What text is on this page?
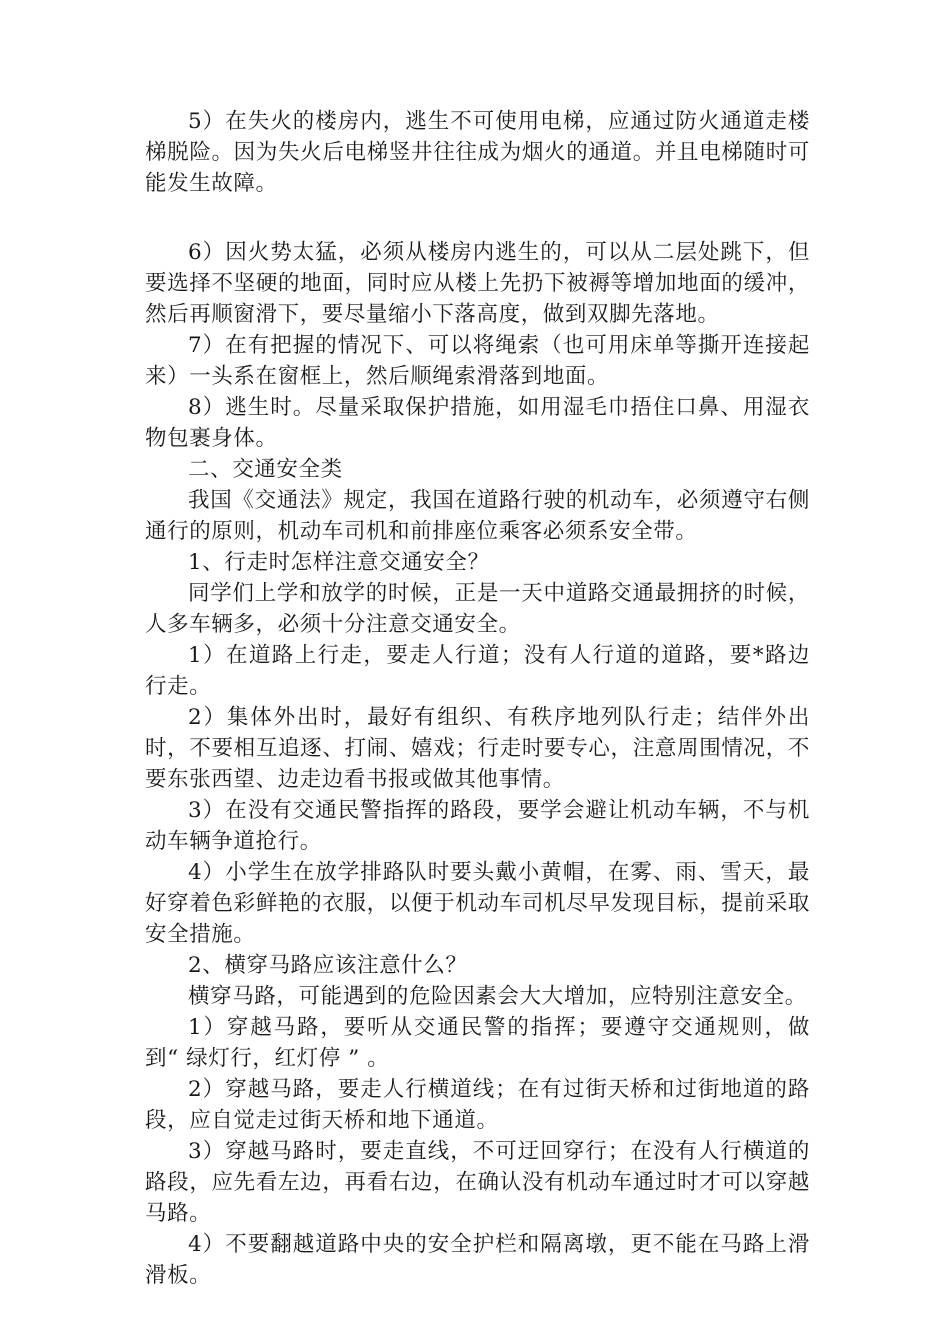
5）在失火的楼房内，逃生不可使用电梯，应通过防火通道走楼梯脱险。因为失火后电梯竖井往往成为烟火的通道。并且电梯随时可能发生故障。

6）因火势太猛，必须从楼房内逃生的，可以从二层处跳下，但要选择不坚硬的地面，同时应从楼上先扔下被褥等增加地面的缓冲，然后再顺窗滑下，要尽量缩小下落高度，做到双脚先落地。

7）在有把握的情况下、可以将绳索（也可用床单等撕开连接起来）一头系在窗框上，然后顺绳索滑落到地面。

8）逃生时。尽量采取保护措施，如用湿毛巾捂住口鼻、用湿衣物包裹身体。

二、交通安全类

我国《交通法》规定，我国在道路行驶的机动车，必须遵守右侧通行的原则，机动车司机和前排座位乘客必须系安全带。

1、行走时怎样注意交通安全？

同学们上学和放学的时候，正是一天中道路交通最拥挤的时候，人多车辆多，必须十分注意交通安全。

1）在道路上行走，要走人行道；没有人行道的道路，要*路边行走。

2）集体外出时，最好有组织、有秩序地列队行走；结伴外出时，不要相互追逐、打闹、嬉戏；行走时要专心，注意周围情况，不要东张西望、边走边看书报或做其他事情。

3）在没有交通民警指挥的路段，要学会避让机动车辆，不与机动车辆争道抢行。

4）小学生在放学排路队时要头戴小黄帽，在雾、雨、雪天，最好穿着色彩鲜艳的衣服，以便于机动车司机尽早发现目标，提前采取安全措施。

2、横穿马路应该注意什么？

横穿马路，可能遇到的危险因素会大大增加，应特别注意安全。

1）穿越马路，要听从交通民警的指挥；要遵守交通规则，做到“ 绿灯行，红灯停 ” 。

2）穿越马路，要走人行横道线；在有过街天桥和过街地道的路段，应自觉走过街天桥和地下通道。

3）穿越马路时，要走直线，不可迂回穿行；在没有人行横道的路段，应先看左边，再看右边，在确认没有机动车通过时才可以穿越马路。

4）不要翻越道路中央的安全护栏和隔离墩，更不能在马路上滑滑板。
